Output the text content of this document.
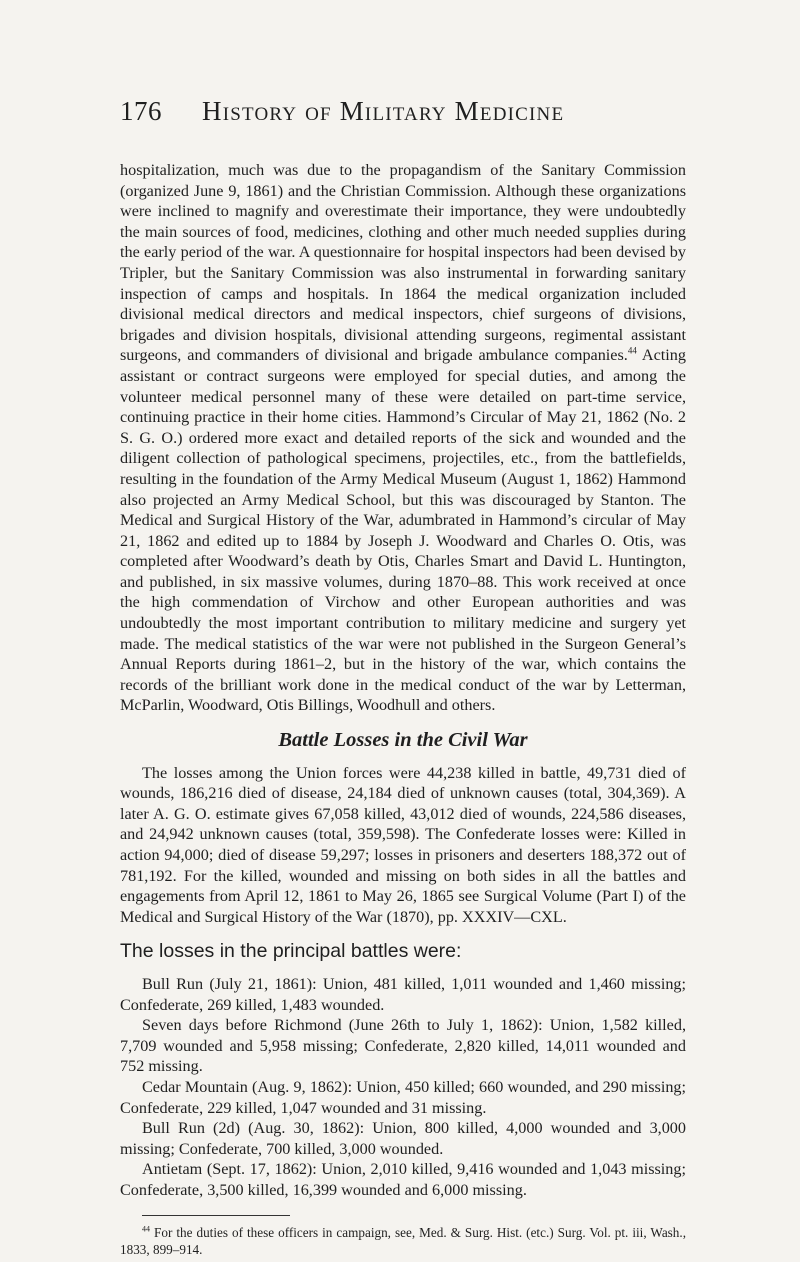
176 History of Military Medicine

hospitalization, much was due to the propagandism of the Sanitary Commission (organized June 9, 1861) and the Christian Commission. Although these organizations were inclined to magnify and overestimate their importance, they were undoubtedly the main sources of food, medicines, clothing and other much needed supplies during the early period of the war. A questionnaire for hospital inspectors had been devised by Tripler, but the Sanitary Commission was also instrumental in forwarding sanitary inspection of camps and hospitals. In 1864 the medical organization included divisional medical directors and medical inspectors, chief surgeons of divisions, brigades and division hospitals, divisional attending surgeons, regimental assistant surgeons, and commanders of divisional and brigade ambulance companies.$^{44}$ Acting assistant or contract surgeons were employed for special duties, and among the volunteer medical personnel many of these were detailed on part-time service, continuing practice in their home cities. Hammond’s Circular of May 21, 1862 (No. 2 S. G. O.) ordered more exact and detailed reports of the sick and wounded and the diligent collection of pathological specimens, projectiles, etc., from the battlefields, resulting in the foundation of the Army Medical Museum (August 1, 1862) Hammond also projected an Army Medical School, but this was discouraged by Stanton. The Medical and Surgical History of the War, adumbrated in Hammond’s circular of May 21, 1862 and edited up to 1884 by Joseph J. Woodward and Charles O. Otis, was completed after Woodward’s death by Otis, Charles Smart and David L. Huntington, and published, in six massive volumes, during 1870–88. This work received at once the high commendation of Virchow and other European authorities and was undoubtedly the most important contribution to military medicine and surgery yet made. The medical statistics of the war were not published in the Surgeon General’s Annual Reports during 1861–2, but in the history of the war, which contains the records of the brilliant work done in the medical conduct of the war by Letterman, McParlin, Woodward, Otis Billings, Woodhull and others.

Battle Losses in the Civil War

The losses among the Union forces were 44,238 killed in battle, 49,731 died of wounds, 186,216 died of disease, 24,184 died of unknown causes (total, 304,369). A later A. G. O. estimate gives 67,058 killed, 43,012 died of wounds, 224,586 diseases, and 24,942 unknown causes (total, 359,598). The Confederate losses were: Killed in action 94,000; died of disease 59,297; losses in prisoners and deserters 188,372 out of 781,192. For the killed, wounded and missing on both sides in all the battles and engagements from April 12, 1861 to May 26, 1865 see Surgical Volume (Part I) of the Medical and Surgical History of the War (1870), pp. XXXIV—CXL.

The losses in the principal battles were:

Bull Run (July 21, 1861): Union, 481 killed, 1,011 wounded and 1,460 missing; Confederate, 269 killed, 1,483 wounded.

Seven days before Richmond (June 26th to July 1, 1862): Union, 1,582 killed, 7,709 wounded and 5,958 missing; Confederate, 2,820 killed, 14,011 wounded and 752 missing.

Cedar Mountain (Aug. 9, 1862): Union, 450 killed; 660 wounded, and 290 missing; Confederate, 229 killed, 1,047 wounded and 31 missing.

Bull Run (2d) (Aug. 30, 1862): Union, 800 killed, 4,000 wounded and 3,000 missing; Confederate, 700 killed, 3,000 wounded.

Antietam (Sept. 17, 1862): Union, 2,010 killed, 9,416 wounded and 1,043 missing; Confederate, 3,500 killed, 16,399 wounded and 6,000 missing.

$^{44}$ For the duties of these officers in campaign, see, Med. & Surg. Hist. (etc.) Surg. Vol. pt. iii, Wash., 1833, 899–914.
